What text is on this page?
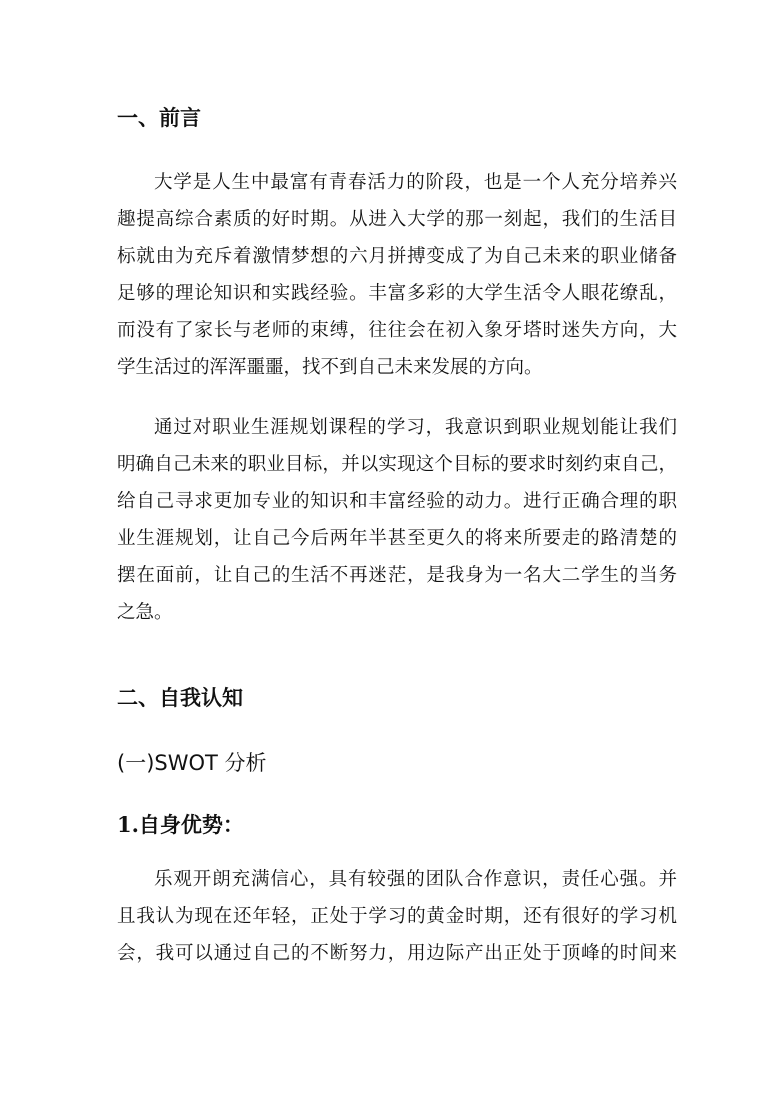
一、前言

大学是人生中最富有青春活力的阶段，也是一个人充分培养兴
趣提高综合素质的好时期。从进入大学的那一刻起，我们的生活目
标就由为充斥着激情梦想的六月拼搏变成了为自己未来的职业储备
足够的理论知识和实践经验。丰富多彩的大学生活令人眼花缭乱，
而没有了家长与老师的束缚，往往会在初入象牙塔时迷失方向，大
学生活过的浑浑噩噩，找不到自己未来发展的方向。

通过对职业生涯规划课程的学习，我意识到职业规划能让我们
明确自己未来的职业目标，并以实现这个目标的要求时刻约束自己，
给自己寻求更加专业的知识和丰富经验的动力。进行正确合理的职
业生涯规划，让自己今后两年半甚至更久的将来所要走的路清楚的
摆在面前，让自己的生活不再迷茫，是我身为一名大二学生的当务
之急。

二、自我认知
(一)SWOT 分析
1.自身优势：

乐观开朗充满信心，具有较强的团队合作意识，责任心强。并
且我认为现在还年轻，正处于学习的黄金时期，还有很好的学习机
会，我可以通过自己的不断努力，用边际产出正处于顶峰的时间来
